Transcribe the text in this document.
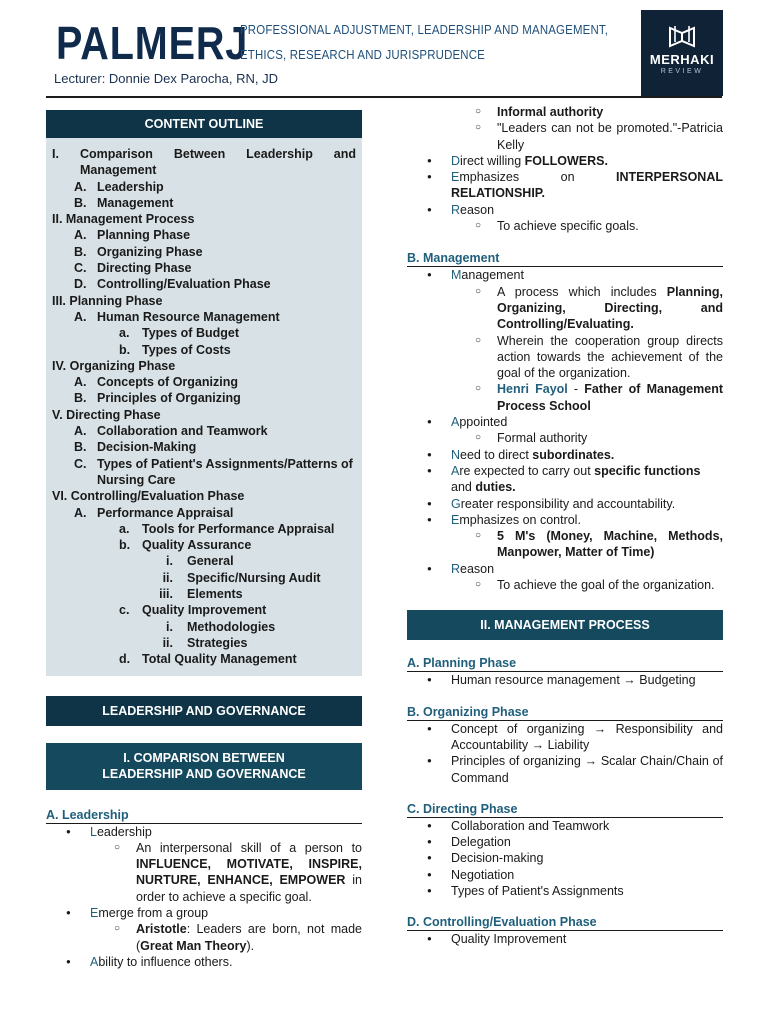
PALMERJ
PROFESSIONAL ADJUSTMENT, LEADERSHIP AND MANAGEMENT,
ETHICS, RESEARCH AND JURISPRUDENCE
Lecturer: Donnie Dex Parocha, RN, JD
MERHAKI
REVIEW
CONTENT OUTLINE
I.	Comparison Between Leadership and Management
A. Leadership
B. Management
II. Management Process
A. Planning Phase
B. Organizing Phase
C. Directing Phase
D. Controlling/Evaluation Phase
III. Planning Phase
A. Human Resource Management
a.	Types of Budget
b. Types of Costs
IV. Organizing Phase
A. Concepts of Organizing
B. Principles of Organizing
V. Directing Phase
A. Collaboration and Teamwork
B. Decision-Making
C. Types of Patient's Assignments/Patterns of Nursing Care
VI. Controlling/Evaluation Phase
A. Performance Appraisal
a.	Tools for Performance Appraisal
b. Quality Assurance
i.	General
ii.	Specific/Nursing Audit
iii.	Elements
c.	Quality Improvement
i.	Methodologies
ii.	Strategies
d. Total Quality Management
LEADERSHIP AND GOVERNANCE
I. COMPARISON BETWEEN
LEADERSHIP AND GOVERNANCE
A. Leadership
● Leadership
○ An interpersonal skill of a person to INFLUENCE, MOTIVATE, INSPIRE, NURTURE, ENHANCE, EMPOWER in order to achieve a specific goal.
● Emerge from a group
○ Aristotle: Leaders are born, not made (Great Man Theory).
● Ability to influence others.
○ Informal authority
○ "Leaders can not be promoted."-Patricia Kelly
● Direct willing FOLLOWERS.
● Emphasizes on INTERPERSONAL RELATIONSHIP.
● Reason
○ To achieve specific goals.
B. Management
● Management
○ A process which includes Planning, Organizing, Directing, and Controlling/Evaluating.
○ Wherein the cooperation group directs action towards the achievement of the goal of the organization.
○ Henri Fayol - Father of Management Process School
● Appointed
○ Formal authority
● Need to direct subordinates.
● Are expected to carry out specific functions and duties.
● Greater responsibility and accountability.
● Emphasizes on control.
○ 5 M's (Money, Machine, Methods, Manpower, Matter of Time)
● Reason
○ To achieve the goal of the organization.
II. MANAGEMENT PROCESS
A. Planning Phase
● Human resource management → Budgeting
B. Organizing Phase
● Concept of organizing → Responsibility and Accountability → Liability
● Principles of organizing → Scalar Chain/Chain of Command
C. Directing Phase
● Collaboration and Teamwork
● Delegation
● Decision-making
● Negotiation
● Types of Patient's Assignments
D. Controlling/Evaluation Phase
● Quality Improvement
